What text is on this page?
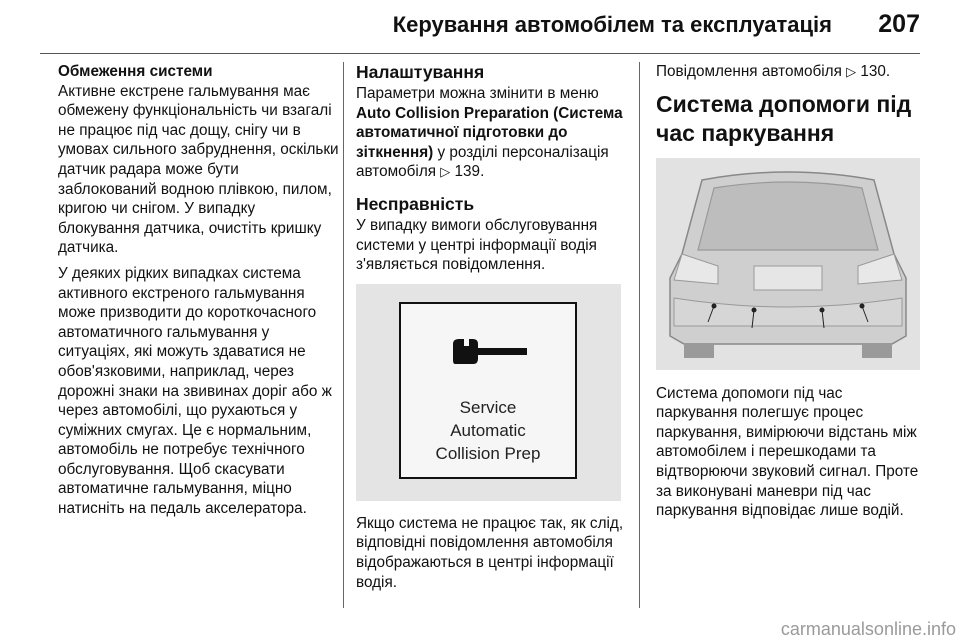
Керування автомобілем та експлуатація 207
Обмеження системи

Активне екстрене гальмування має обмежену функціональність чи взагалі не працює під час дощу, снігу чи в умовах сильного забруднення, оскільки датчик радара може бути заблокований водною плівкою, пилом, кригою чи снігом. У випадку блокування датчика, очистіть кришку датчика.

У деяких рідких випадках система активного екстреного гальмування може призводити до короткочасного автоматичного гальмування у ситуаціях, які можуть здаватися не обов'язковими, наприклад, через дорожні знаки на звивинах доріг або ж через автомобілі, що рухаються у суміжних смугах. Це є нормальним, автомобіль не потребує технічного обслуговування. Щоб скасувати автоматичне гальмування, міцно натисніть на педаль акселератора.

Налаштування

Параметри можна змінити в меню Auto Collision Preparation (Система автоматичної підготовки до зіткнення) у розділі персоналізація автомобіля ▷ 139.

Несправність

У випадку вимоги обслуговування системи у центрі інформації водія з'являється повідомлення.

Service
Automatic
Collision Prep

Якщо система не працює так, як слід, відповідні повідомлення автомобіля відображаються в центрі інформації водія.

Повідомлення автомобіля ▷ 130.

Система допомоги під час паркування

Система допомоги під час паркування полегшує процес паркування, вимірюючи відстань між автомобілем і перешкодами та відтворюючи звуковий сигнал. Проте за виконувані маневри під час паркування відповідає лише водій.

carmanualsonline.info
